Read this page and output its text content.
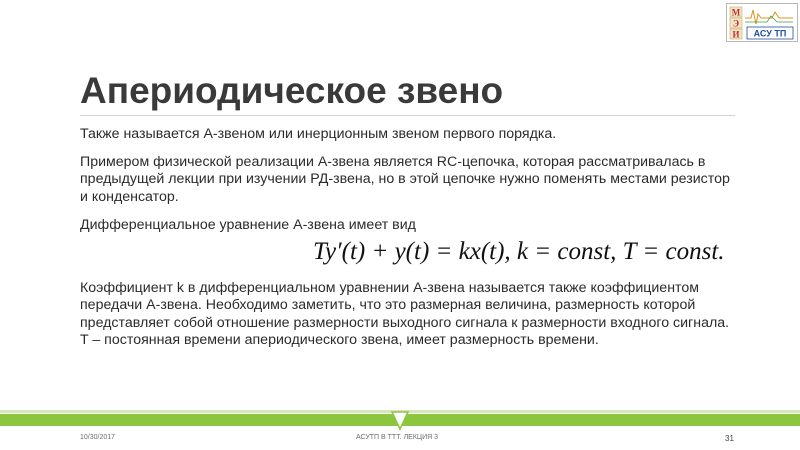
М
Э
И АСУ ТП
Апериодическое звено
Также называется А-звеном или инерционным звеном первого порядка.
Примером физической реализации А-звена является RC-цепочка, которая рассматривалась в предыдущей лекции при изучении РД-звена, но в этой цепочке нужно поменять местами резистор и конденсатор.
Дифференциальное уравнение А-звена имеет вид
Ty′(t) + y(t) = kx(t), k = const, T = const.
Коэффициент k в дифференциальном уравнении А-звена называется также коэффициентом передачи А-звена. Необходимо заметить, что это размерная величина, размерность которой представляет собой отношение размерности выходного сигнала к размерности входного сигнала. T – постоянная времени апериодического звена, имеет размерность времени.
10/30/2017	АСУТП В ТТТ. ЛЕКЦИЯ 3	31
